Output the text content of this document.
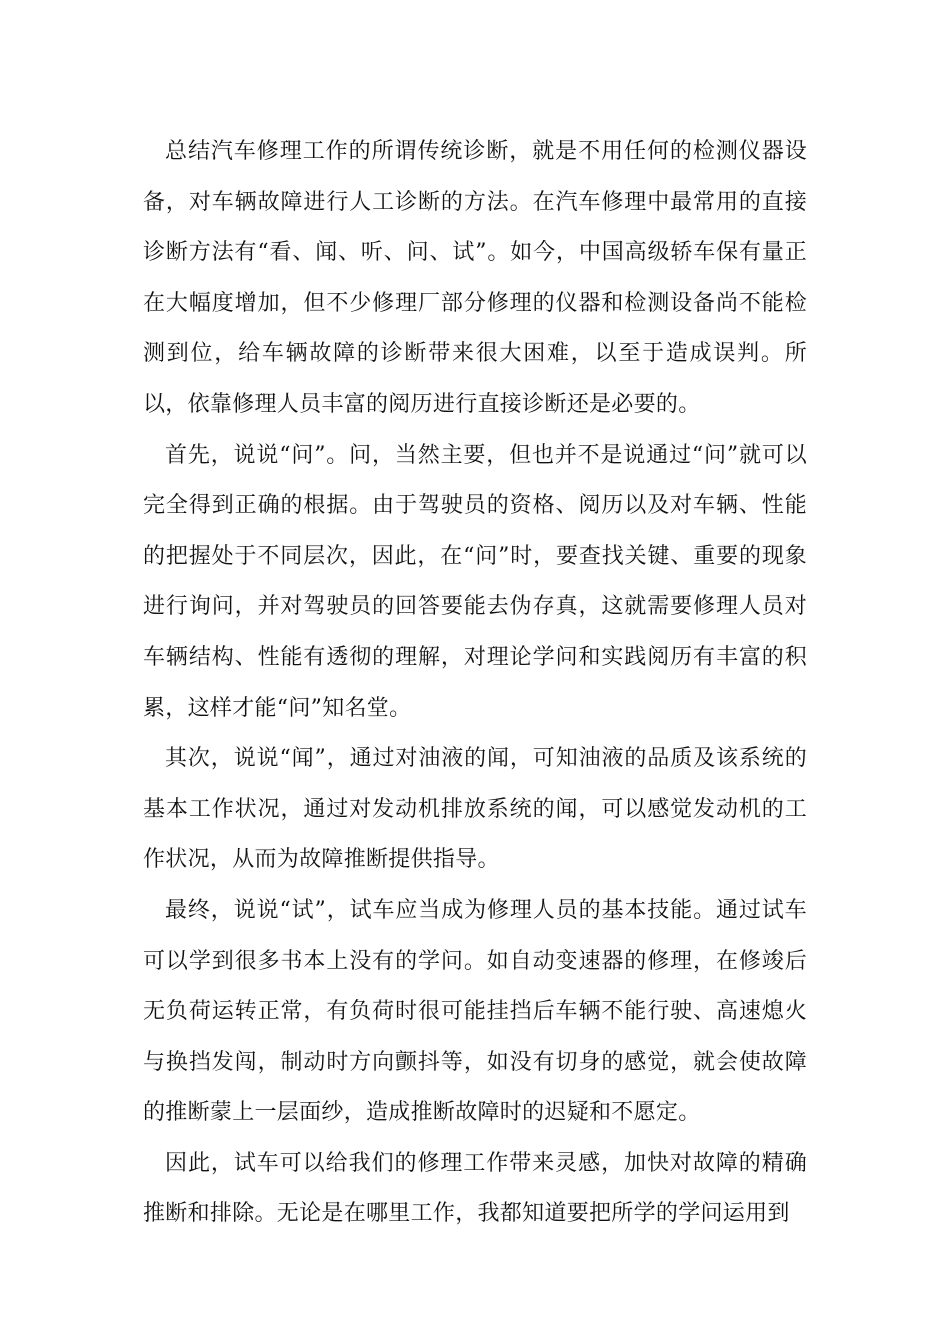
总结汽车修理工作的所谓传统诊断，就是不用任何的检测仪器设备，对车辆故障进行人工诊断的方法。在汽车修理中最常用的直接诊断方法有“看、闻、听、问、试”。如今，中国高级轿车保有量正在大幅度增加，但不少修理厂部分修理的仪器和检测设备尚不能检测到位，给车辆故障的诊断带来很大困难，以至于造成误判。所以，依靠修理人员丰富的阅历进行直接诊断还是必要的。

首先，说说“问”。问，当然主要，但也并不是说通过“问”就可以完全得到正确的根据。由于驾驶员的资格、阅历以及对车辆、性能的把握处于不同层次，因此，在“问”时，要查找关键、重要的现象进行询问，并对驾驶员的回答要能去伪存真，这就需要修理人员对车辆结构、性能有透彻的理解，对理论学问和实践阅历有丰富的积累，这样才能“问”知名堂。

其次，说说“闻”，通过对油液的闻，可知油液的品质及该系统的基本工作状况，通过对发动机排放系统的闻，可以感觉发动机的工作状况，从而为故障推断提供指导。

最终，说说“试”，试车应当成为修理人员的基本技能。通过试车可以学到很多书本上没有的学问。如自动变速器的修理，在修竣后无负荷运转正常，有负荷时很可能挂挡后车辆不能行驶、高速熄火与换挡发闯，制动时方向颤抖等，如没有切身的感觉，就会使故障的推断蒙上一层面纱，造成推断故障时的迟疑和不愿定。

因此，试车可以给我们的修理工作带来灵感，加快对故障的精确推断和排除。无论是在哪里工作，我都知道要把所学的学问运用到
